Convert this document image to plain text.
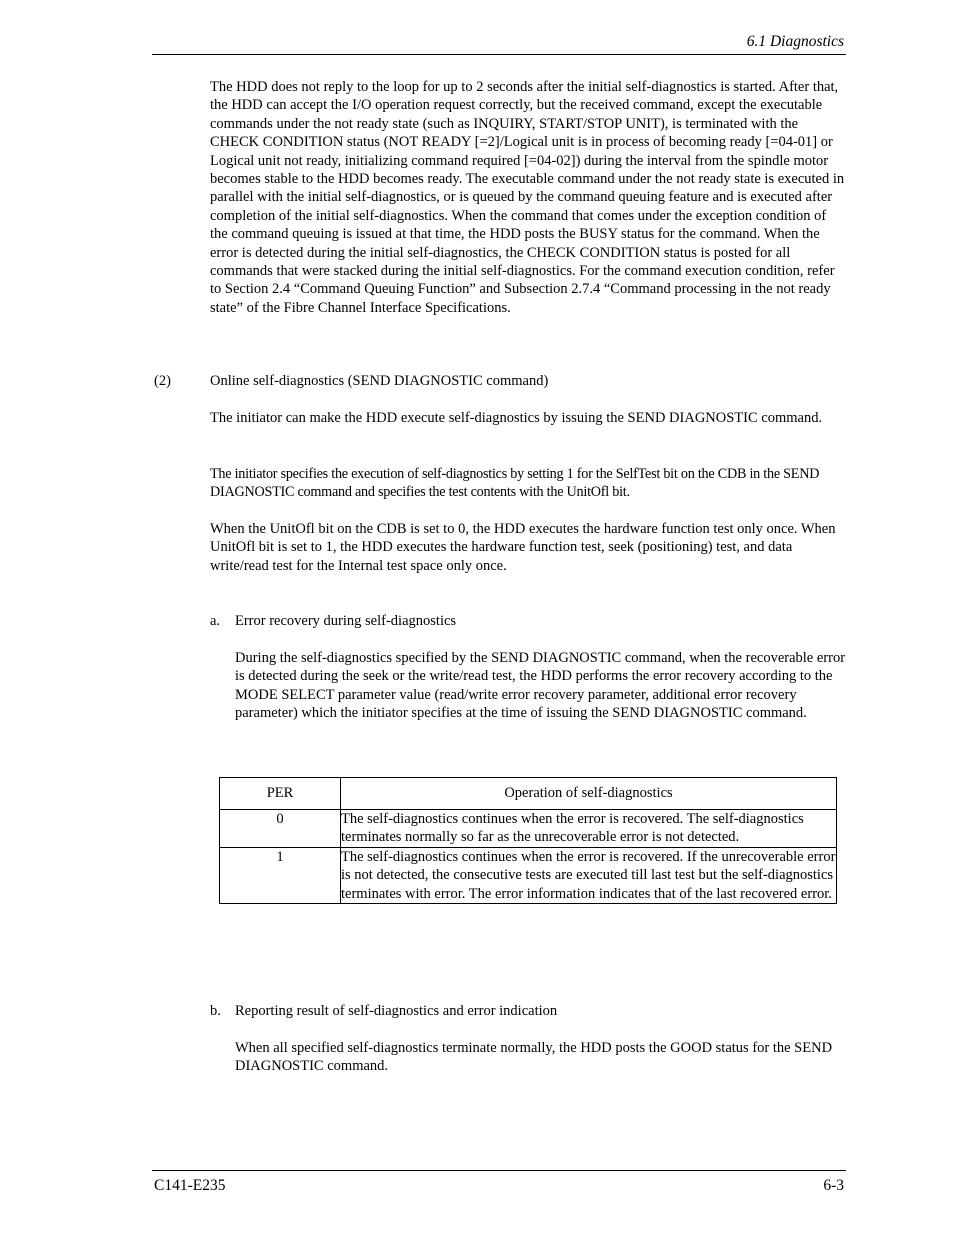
6.1 Diagnostics

The HDD does not reply to the loop for up to 2 seconds after the initial self-diagnostics is started. After that, the HDD can accept the I/O operation request correctly, but the received command, except the executable commands under the not ready state (such as INQUIRY, START/STOP UNIT), is terminated with the CHECK CONDITION status (NOT READY [=2]/Logical unit is in process of becoming ready [=04-01] or Logical unit not ready, initializing command required [=04-02]) during the interval from the spindle motor becomes stable to the HDD becomes ready. The executable command under the not ready state is executed in parallel with the initial self-diagnostics, or is queued by the command queuing feature and is executed after completion of the initial self-diagnostics. When the command that comes under the exception condition of the command queuing is issued at that time, the HDD posts the BUSY status for the command. When the error is detected during the initial self-diagnostics, the CHECK CONDITION status is posted for all commands that were stacked during the initial self-diagnostics. For the command execution condition, refer to Section 2.4 “Command Queuing Function” and Subsection 2.7.4 “Command processing in the not ready state” of the Fibre Channel Interface Specifications.

(2)	Online self-diagnostics (SEND DIAGNOSTIC command)

The initiator can make the HDD execute self-diagnostics by issuing the SEND DIAGNOSTIC command.

The initiator specifies the execution of self-diagnostics by setting 1 for the SelfTest bit on the CDB in the SEND DIAGNOSTIC command and specifies the test contents with the UnitOfl bit.

When the UnitOfl bit on the CDB is set to 0, the HDD executes the hardware function test only once. When UnitOfl bit is set to 1, the HDD executes the hardware function test, seek (positioning) test, and data write/read test for the Internal test space only once.

a. Error recovery during self-diagnostics

During the self-diagnostics specified by the SEND DIAGNOSTIC command, when the recoverable error is detected during the seek or the write/read test, the HDD performs the error recovery according to the MODE SELECT parameter value (read/write error recovery parameter, additional error recovery parameter) which the initiator specifies at the time of issuing the SEND DIAGNOSTIC command.

PER	Operation of self-diagnostics
0	The self-diagnostics continues when the error is recovered. The self-diagnostics terminates normally so far as the unrecoverable error is not detected.
1	The self-diagnostics continues when the error is recovered. If the unrecoverable error is not detected, the consecutive tests are executed till last test but the self-diagnostics terminates with error. The error information indicates that of the last recovered error.
b. Reporting result of self-diagnostics and error indication

When all specified self-diagnostics terminate normally, the HDD posts the GOOD status for the SEND DIAGNOSTIC command.

C141-E235	6-3
